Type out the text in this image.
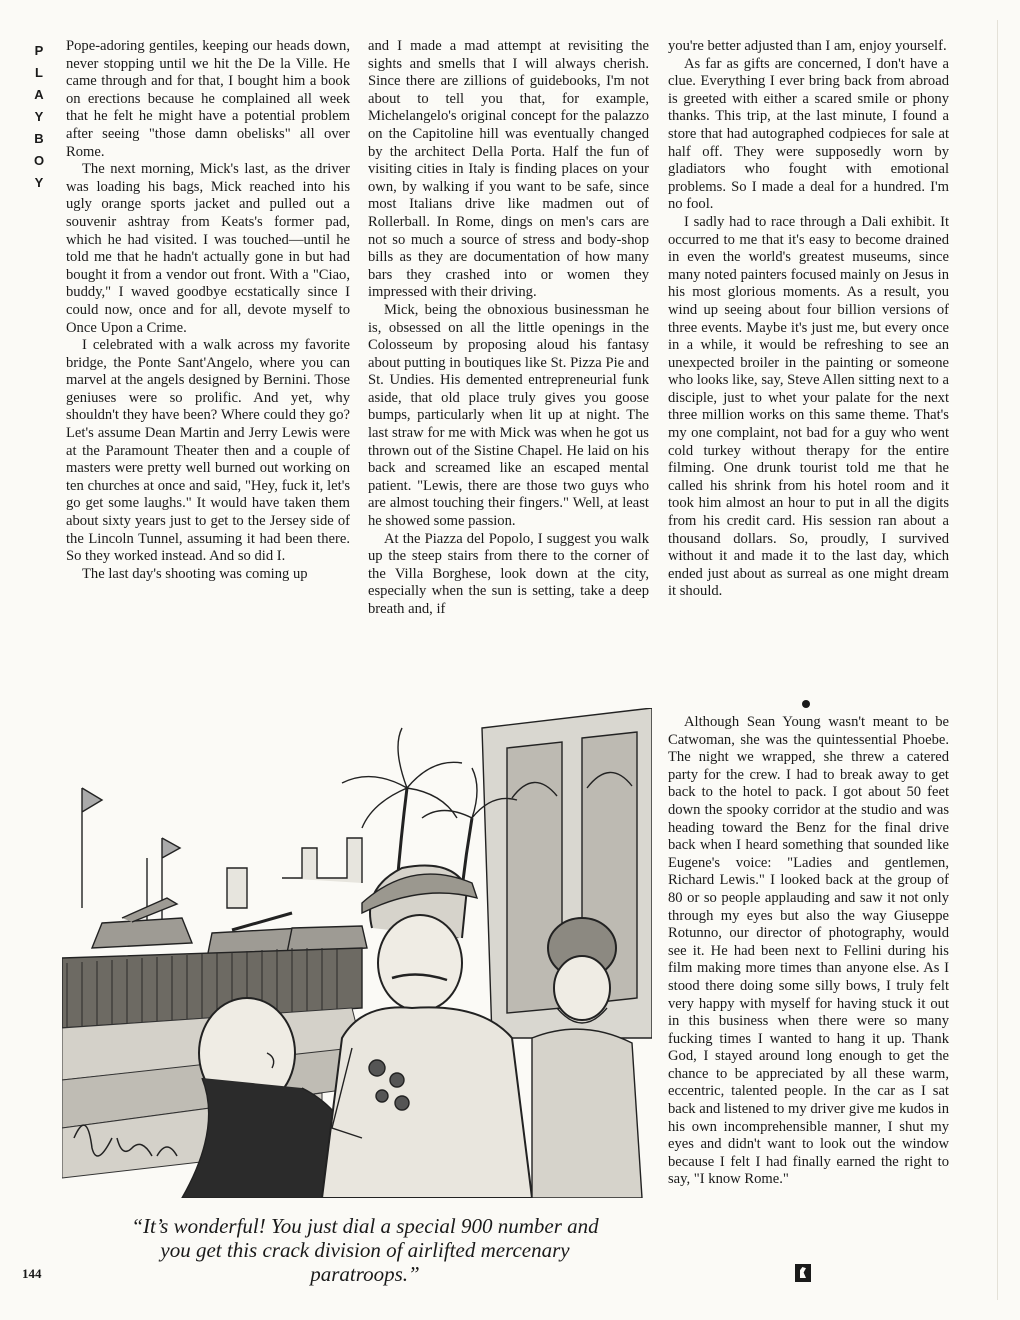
P
L
A
Y
B
O
Y

Pope-adoring gentiles, keeping our heads down, never stopping until we hit the De la Ville. He came through and for that, I bought him a book on erections because he complained all week that he felt he might have a potential problem after seeing "those damn obelisks" all over Rome.

The next morning, Mick's last, as the driver was loading his bags, Mick reached into his ugly orange sports jacket and pulled out a souvenir ashtray from Keats's former pad, which he had visited. I was touched—until he told me that he hadn't actually gone in but had bought it from a vendor out front. With a "Ciao, buddy," I waved goodbye ecstatically since I could now, once and for all, devote myself to Once Upon a Crime.

I celebrated with a walk across my favorite bridge, the Ponte Sant'Angelo, where you can marvel at the angels designed by Bernini. Those geniuses were so prolific. And yet, why shouldn't they have been? Where could they go? Let's assume Dean Martin and Jerry Lewis were at the Paramount Theater then and a couple of masters were pretty well burned out working on ten churches at once and said, "Hey, fuck it, let's go get some laughs." It would have taken them about sixty years just to get to the Jersey side of the Lincoln Tunnel, assuming it had been there. So they worked instead. And so did I.

The last day's shooting was coming up

and I made a mad attempt at revisiting the sights and smells that I will always cherish. Since there are zillions of guidebooks, I'm not about to tell you that, for example, Michelangelo's original concept for the palazzo on the Capitoline hill was eventually changed by the architect Della Porta. Half the fun of visiting cities in Italy is finding places on your own, by walking if you want to be safe, since most Italians drive like madmen out of Rollerball. In Rome, dings on men's cars are not so much a source of stress and body-shop bills as they are documentation of how many bars they crashed into or women they impressed with their driving.

Mick, being the obnoxious businessman he is, obsessed on all the little openings in the Colosseum by proposing aloud his fantasy about putting in boutiques like St. Pizza Pie and St. Undies. His demented entrepreneurial funk aside, that old place truly gives you goose bumps, particularly when lit up at night. The last straw for me with Mick was when he got us thrown out of the Sistine Chapel. He laid on his back and screamed like an escaped mental patient. "Lewis, there are those two guys who are almost touching their fingers." Well, at least he showed some passion.

At the Piazza del Popolo, I suggest you walk up the steep stairs from there to the corner of the Villa Borghese, look down at the city, especially when the sun is setting, take a deep breath and, if

you're better adjusted than I am, enjoy yourself.

As far as gifts are concerned, I don't have a clue. Everything I ever bring back from abroad is greeted with either a scared smile or phony thanks. This trip, at the last minute, I found a store that had autographed codpieces for sale at half off. They were supposedly worn by gladiators who fought with emotional problems. So I made a deal for a hundred. I'm no fool.

I sadly had to race through a Dali exhibit. It occurred to me that it's easy to become drained in even the world's greatest museums, since many noted painters focused mainly on Jesus in his most glorious moments. As a result, you wind up seeing about four billion versions of three events. Maybe it's just me, but every once in a while, it would be refreshing to see an unexpected broiler in the painting or someone who looks like, say, Steve Allen sitting next to a disciple, just to whet your palate for the next three million works on this same theme. That's my one complaint, not bad for a guy who went cold turkey without therapy for the entire filming. One drunk tourist told me that he called his shrink from his hotel room and it took him almost an hour to put in all the digits from his credit card. His session ran about a thousand dollars. So, proudly, I survived without it and made it to the last day, which ended just about as surreal as one might dream it should.

Although Sean Young wasn't meant to be Catwoman, she was the quintessential Phoebe. The night we wrapped, she threw a catered party for the crew. I had to break away to get back to the hotel to pack. I got about 50 feet down the spooky corridor at the studio and was heading toward the Benz for the final drive back when I heard something that sounded like Eugene's voice: "Ladies and gentlemen, Richard Lewis." I looked back at the group of 80 or so people applauding and saw it not only through my eyes but also the way Giuseppe Rotunno, our director of photography, would see it. He had been next to Fellini during his film making more times than anyone else. As I stood there doing some silly bows, I truly felt very happy with myself for having stuck it out in this business when there were so many fucking times I wanted to hang it up. Thank God, I stayed around long enough to get the chance to be appreciated by all these warm, eccentric, talented people. In the car as I sat back and listened to my driver give me kudos in his own incomprehensible manner, I shut my eyes and didn't want to look out the window because I felt I had finally earned the right to say, "I know Rome."

“It’s wonderful! You just dial a special 900 number and you get this crack division of airlifted mercenary paratroops.”
144
